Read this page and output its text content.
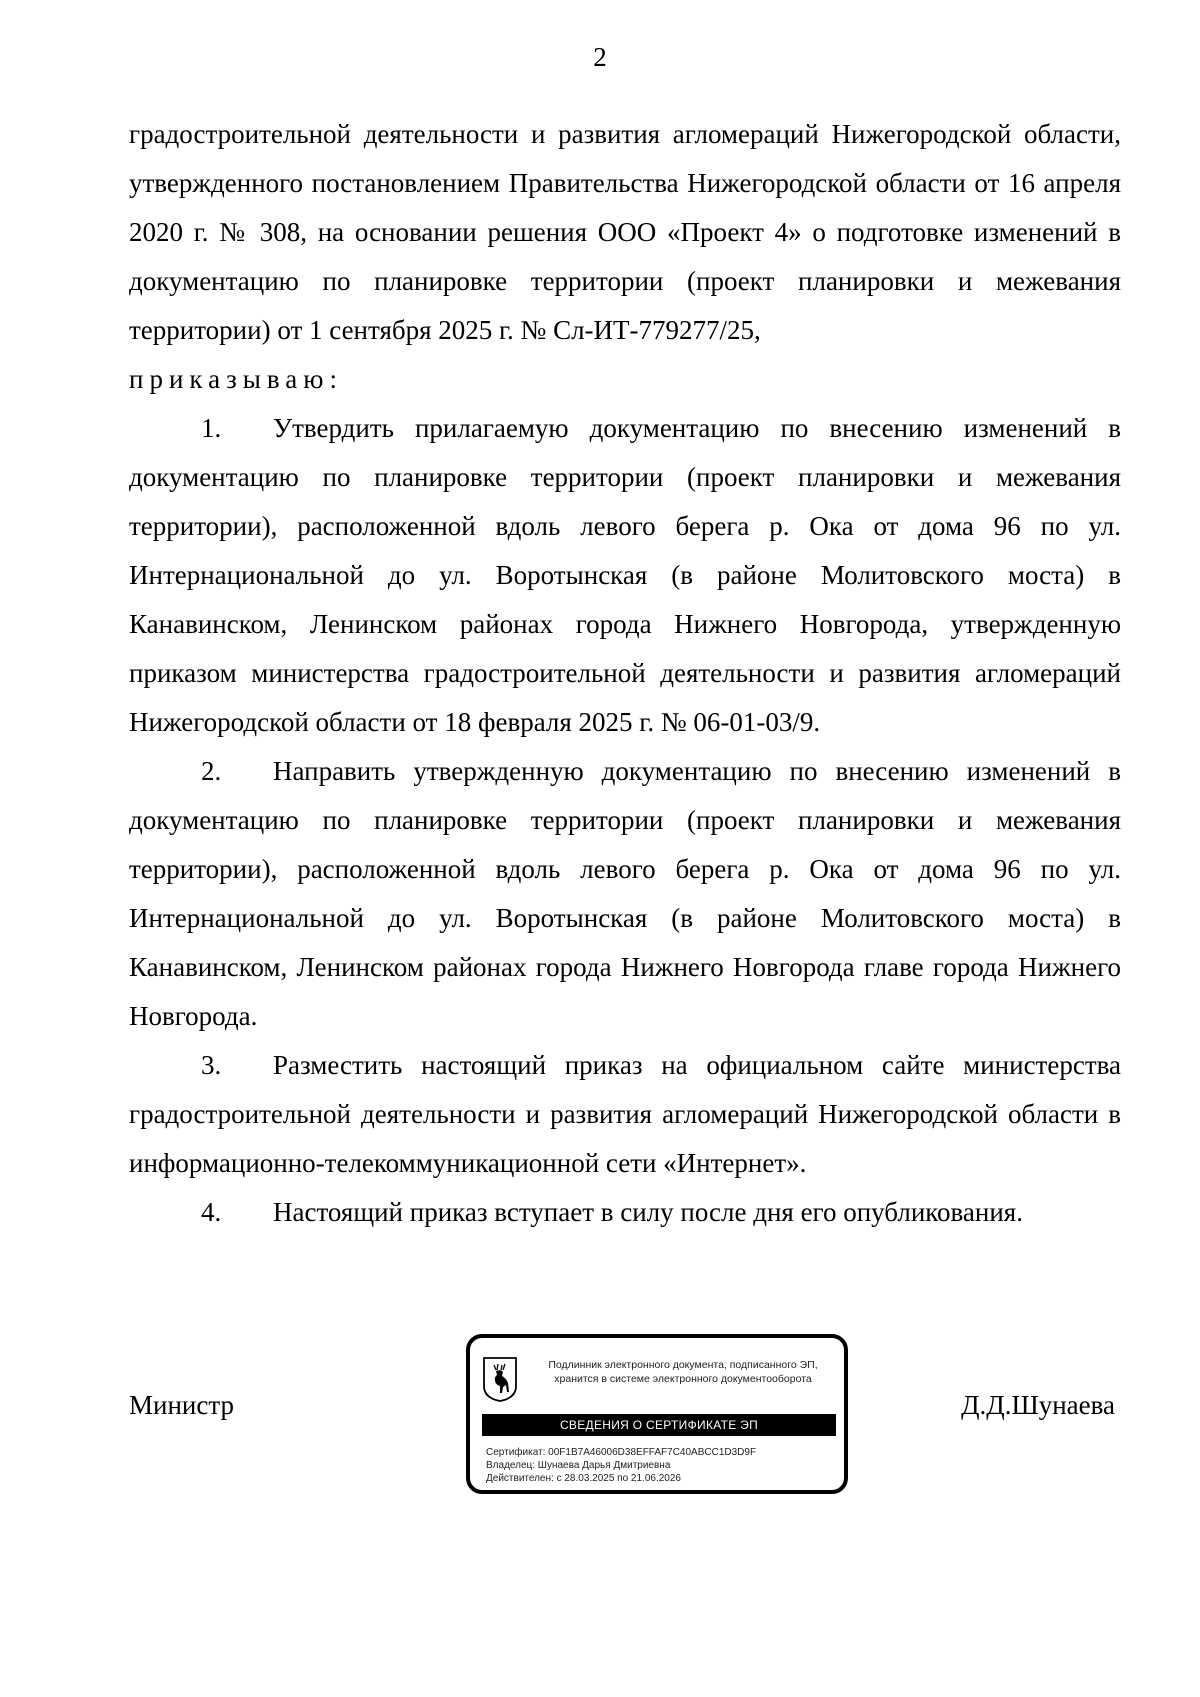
2

градостроительной деятельности и развития агломераций Нижегородской области, утвержденного постановлением Правительства Нижегородской области от 16 апреля 2020 г. № 308, на основании решения ООО «Проект 4» о подготовке изменений в документацию по планировке территории (проект планировки и межевания территории) от 1 сентября 2025 г. № Сл-ИТ-779277/25,

приказываю:

1. Утвердить прилагаемую документацию по внесению изменений в документацию по планировке территории (проект планировки и межевания территории), расположенной вдоль левого берега р. Ока от дома 96 по ул. Интернациональной до ул. Воротынская (в районе Молитовского моста) в Канавинском, Ленинском районах города Нижнего Новгорода, утвержденную приказом министерства градостроительной деятельности и развития агломераций Нижегородской области от 18 февраля 2025 г. № 06-01-03/9.

2. Направить утвержденную документацию по внесению изменений в документацию по планировке территории (проект планировки и межевания территории), расположенной вдоль левого берега р. Ока от дома 96 по ул. Интернациональной до ул. Воротынская (в районе Молитовского моста) в Канавинском, Ленинском районах города Нижнего Новгорода главе города Нижнего Новгорода.

3. Разместить настоящий приказ на официальном сайте министерства градостроительной деятельности и развития агломераций Нижегородской области в информационно-телекоммуникационной сети «Интернет».

4. Настоящий приказ вступает в силу после дня его опубликования.

Министр
Подлинник электронного документа, подписанного ЭП,
хранится в системе электронного документооборота
СВЕДЕНИЯ О СЕРТИФИКАТЕ ЭП
Сертификат: 00F1B7A46006D38EFFAF7C40ABCC1D3D9F
Владелец: Шунаева Дарья Дмитриевна
Действителен: с 28.03.2025 по 21.06.2026
Д.Д.Шунаева
